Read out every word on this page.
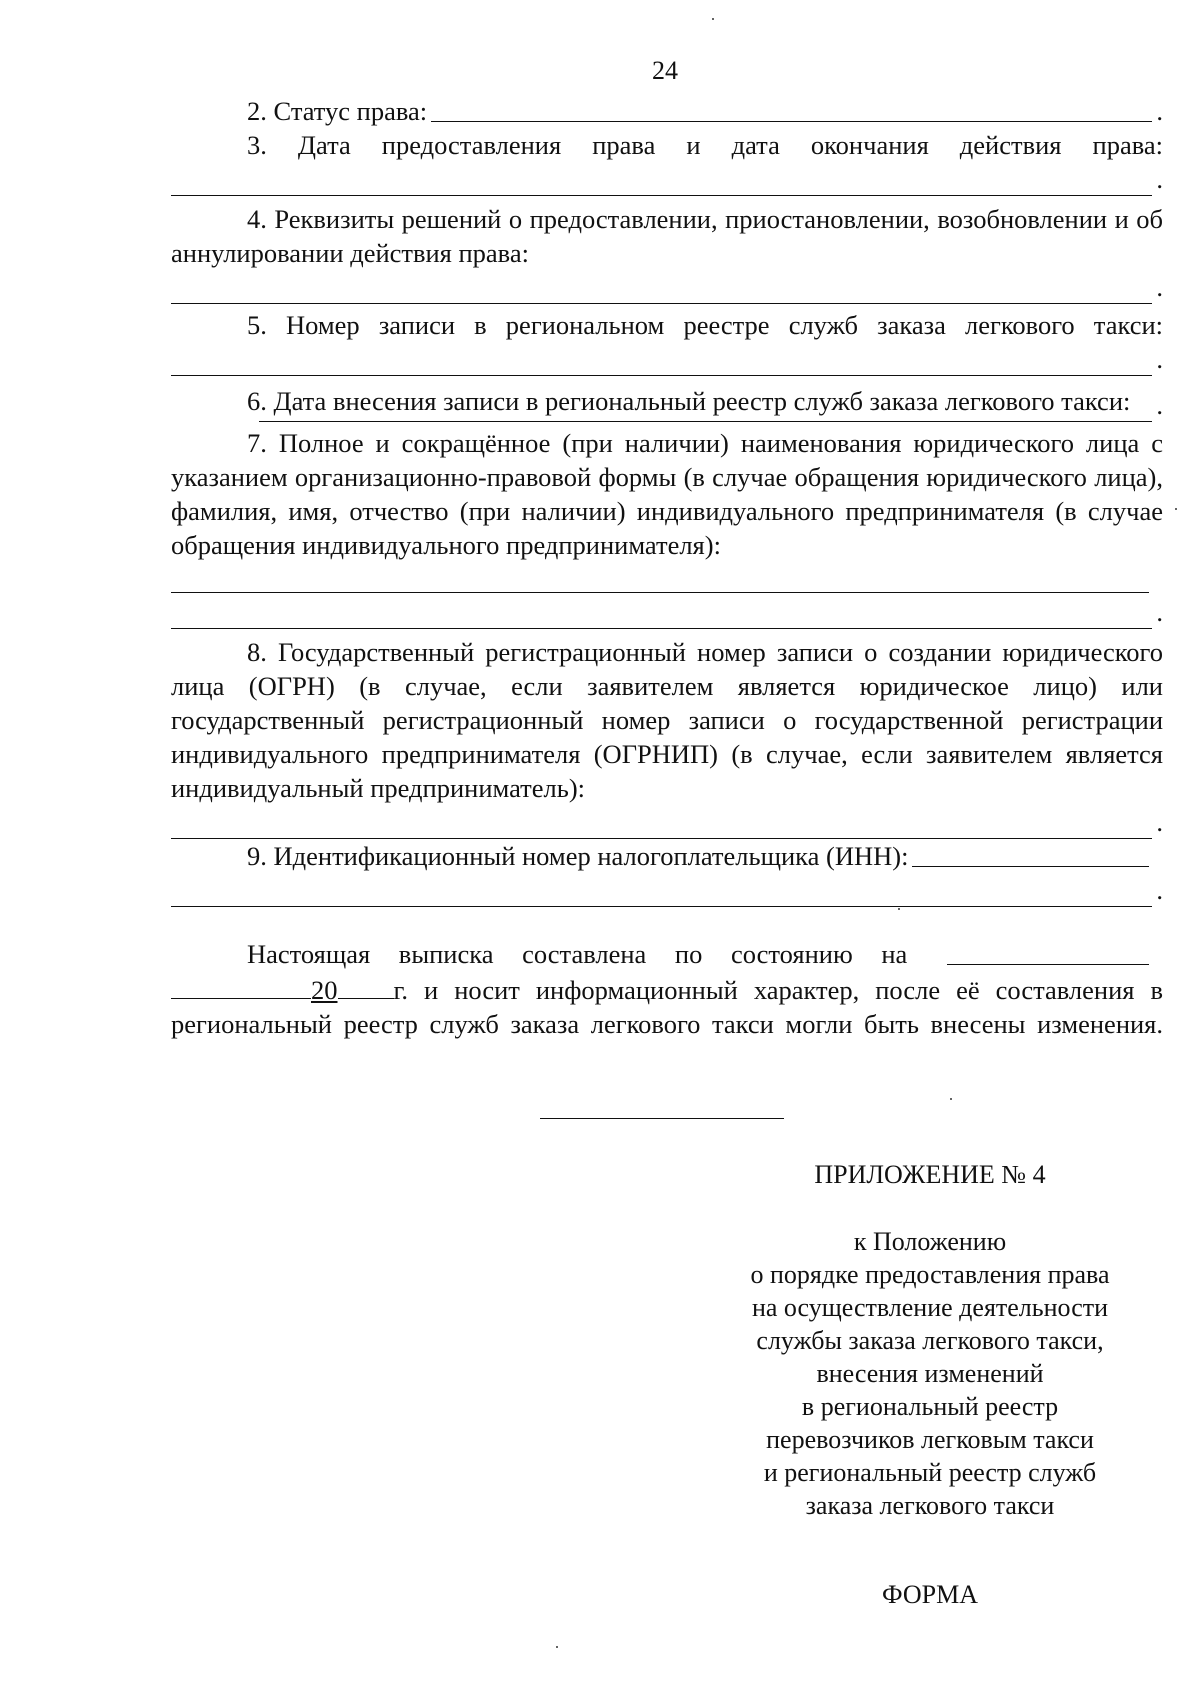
24
2. Статус права:	.

3. Дата предоставления права и дата окончания действия права:

.

4. Реквизиты решений о предоставлении, приостановлении, возобновлении и об аннулировании действия права:

.

5. Номер записи в региональном реестре служб заказа легкового такси:

.

6. Дата внесения записи в региональный реестр служб заказа легкового такси: .

7. Полное и сокращённое (при наличии) наименования юридического лица с указанием организационно-правовой формы (в случае обращения юридического лица), фамилия, имя, отчество (при наличии) индивидуального предпринимателя (в случае обращения индивидуального предпринимателя):

.

8. Государственный регистрационный номер записи о создании юридического лица (ОГРН) (в случае, если заявителем является юридическое лицо) или государственный регистрационный номер записи о государственной регистрации индивидуального предпринимателя (ОГРНИП) (в случае, если заявителем является индивидуальный предприниматель):

.
9. Идентификационный номер налогоплательщика (ИНН):
.
Настоящая выписка составлена по состоянию на

20 г. и носит информационный характер, после её составления в региональный реестр служб заказа легкового такси могли быть внесены изменения.

ПРИЛОЖЕНИЕ № 4
к Положению
о порядке предоставления права
на осуществление деятельности
службы заказа легкового такси,
внесения изменений
в региональный реестр
перевозчиков легковым такси
и региональный реестр служб
заказа легкового такси
ФОРМА
